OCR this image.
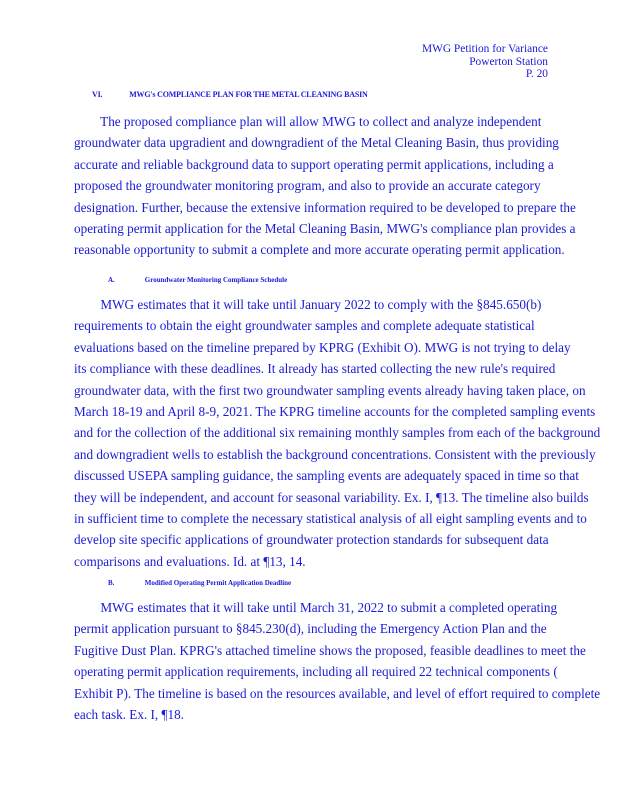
MWG Petition for Variance
Powerton Station
P. 20
VI.	MWG's COMPLIANCE PLAN FOR THE METAL CLEANING BASIN
The proposed compliance plan will allow MWG to collect and analyze independent
groundwater data upgradient and downgradient of the Metal Cleaning Basin, thus providing
accurate and reliable background data to support operating permit applications, including a
proposed the groundwater monitoring program, and also to provide an accurate category
designation. Further, because the extensive information required to be developed to prepare the
operating permit application for the Metal Cleaning Basin, MWG's compliance plan provides a
reasonable opportunity to submit a complete and more accurate operating permit application.
A.	Groundwater Monitoring Compliance Schedule
MWG estimates that it will take until January 2022 to comply with the §845.650(b)
requirements to obtain the eight groundwater samples and complete adequate statistical
evaluations based on the timeline prepared by KPRG (Exhibit O). MWG is not trying to delay
its compliance with these deadlines. It already has started collecting the new rule's required
groundwater data, with the first two groundwater sampling events already having taken place, on
March 18-19 and April 8-9, 2021. The KPRG timeline accounts for the completed sampling events
and for the collection of the additional six remaining monthly samples from each of the background
and downgradient wells to establish the background concentrations. Consistent with the previously
discussed USEPA sampling guidance, the sampling events are adequately spaced in time so that
they will be independent, and account for seasonal variability. Ex. I, ¶13. The timeline also builds
in sufficient time to complete the necessary statistical analysis of all eight sampling events and to
develop site specific applications of groundwater protection standards for subsequent data
comparisons and evaluations. Id. at ¶13, 14.
B.	Modified Operating Permit Application Deadline
MWG estimates that it will take until March 31, 2022 to submit a completed operating
permit application pursuant to §845.230(d), including the Emergency Action Plan and the
Fugitive Dust Plan. KPRG's attached timeline shows the proposed, feasible deadlines to meet the
operating permit application requirements, including all required 22 technical components (
Exhibit P). The timeline is based on the resources available, and level of effort required to complete
each task. Ex. I, ¶18.
